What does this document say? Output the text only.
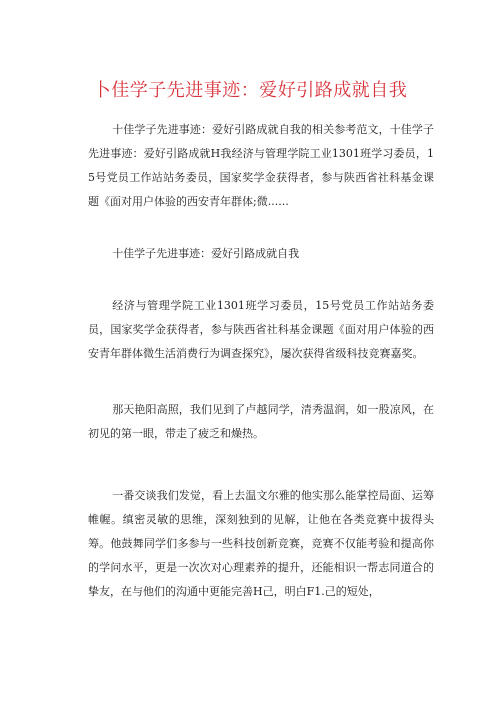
卜佳学子先进事迹：爱好引路成就自我

十佳学子先进事迹：爱好引路成就自我的相关参考范文，十佳学子先进事迹：爱好引路成就H我经济与管理学院工业1301班学习委员，15号党员工作站站务委员，国家奖学金获得者，参与陕西省社科基金课题《面对用户体验的西安青年群体;微......

十佳学子先进事迹：爱好引路成就自我

经济与管理学院工业1301班学习委员，15号党员工作站站务委员，国家奖学金获得者，参与陕西省社科基金课题《面对用户体验的西安青年群体微生活消费行为调查探究》，屡次获得省级科技竞赛嘉奖。

那天艳阳高照，我们见到了卢越同学，清秀温润，如一股凉风，在初见的第一眼，带走了疲乏和燥热。

一番交谈我们发觉，看上去温文尔雅的他实那么能掌控局面、运筹帷幄。缜密灵敏的思维，深刻独到的见解，让他在各类竞赛中拔得头筹。他鼓舞同学们多参与一些科技创新竞赛，竞赛不仅能考验和提高你的学问水平，更是一次次对心理素养的提升，还能相识一帮志同道合的挚友，在与他们的沟通中更能完善H己，明白F1.己的短处，
